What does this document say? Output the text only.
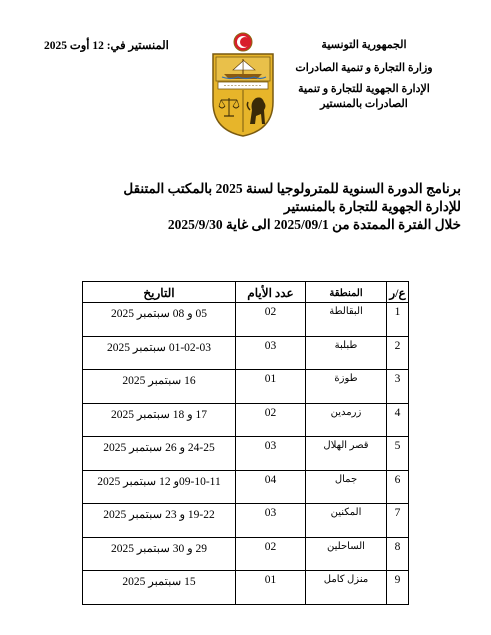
الجمهورية التونسية
وزارة التجارة و تنمية الصادرات
الإدارة الجهوية للتجارة و تنمية
الصادرات بالمنستير
المنستير في: 12 أوت 2025
برنامج الدورة السنوية للمترولوجيا لسنة 2025 بالمكتب المتنقل
للإدارة الجهوية للتجارة بالمنستير
خلال الفترة الممتدة من 2025/09/1 الى غاية 2025/9/30
ع/ر	المنطقة	عدد الأيام	التاريخ
1	البقالطة	02	05 و 08 سبتمبر 2025
2	طبلبة	03	01-02-03 سبتمبر 2025
3	طوزة	01	16 سبتمبر 2025
4	زرمدين	02	17 و 18 سبتمبر 2025
5	قصر الهلال	03	24-25 و 26 سبتمبر 2025
6	جمال	04	09-10-11و 12 سبتمبر 2025
7	المكنين	03	19-22 و 23 سبتمبر 2025
8	الساحلين	02	29 و 30 سبتمبر 2025
9	منزل كامل	01	15 سبتمبر 2025
